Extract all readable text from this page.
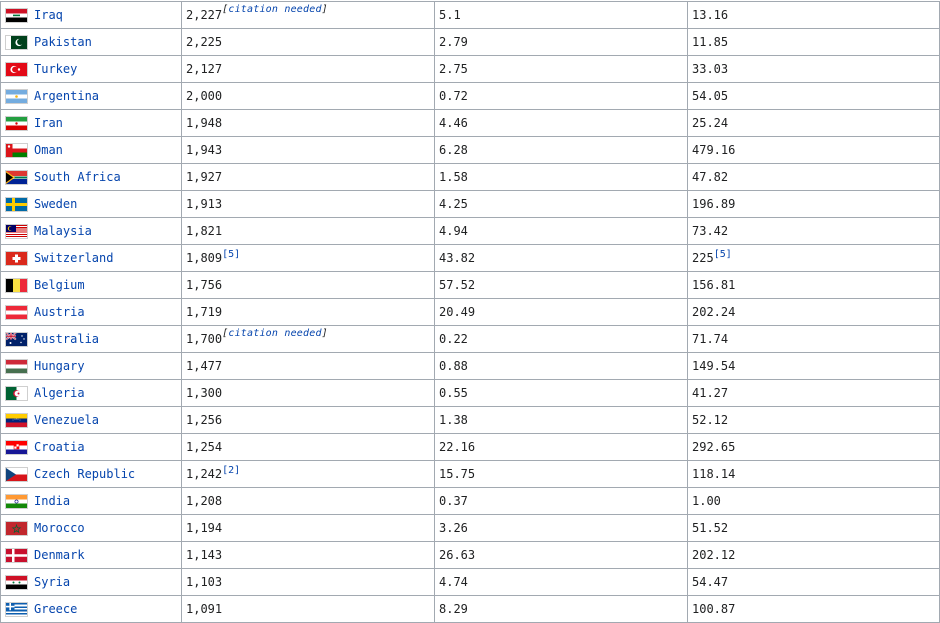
Iraq	2,227[citation needed]	5.1	13.16

Pakistan	2,225	2.79	11.85

Turkey	2,127	2.75	33.03

Argentina	2,000	0.72	54.05

Iran	1,948	4.46	25.24

Oman	1,943	6.28	479.16

South Africa	1,927	1.58	47.82

Sweden	1,913	4.25	196.89

Malaysia	1,821	4.94	73.42

Switzerland	1,809[5]	43.82	225[5]
Belgium	1,756	57.52	156.81
Austria	1,719	20.49	202.24

Australia	1,700[citation needed]	0.22	71.74
Hungary	1,477	0.88	149.54

Algeria	1,300	0.55	41.27

Venezuela	1,256	1.38	52.12

Croatia	1,254	22.16	292.65

Czech Republic	1,242[2]	15.75	118.14

India	1,208	0.37	1.00

Morocco	1,194	3.26	51.52

Denmark	1,143	26.63	202.12

Syria	1,103	4.74	54.47

Greece	1,091	8.29	100.87
